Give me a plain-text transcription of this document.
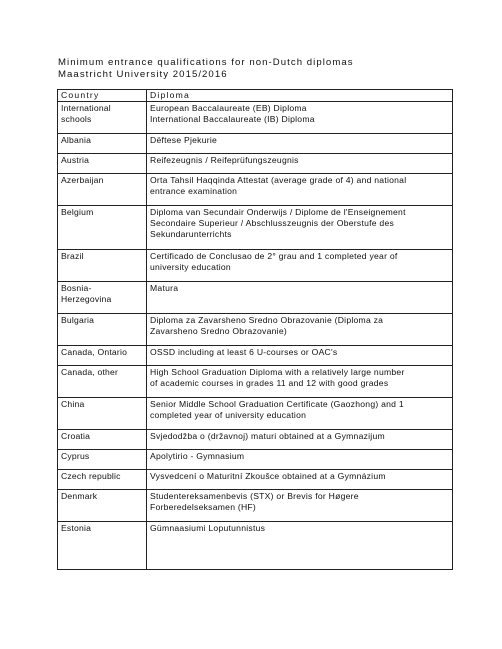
Minimum entrance qualifications for non-Dutch diplomas
Maastricht University 2015/2016
Country	Diploma

International
schools	European Baccalaureate (EB) Diploma
International Baccalaureate (IB) Diploma

Albania	Dëftese Pjekurie

Austria	Reifezeugnis / Reifeprüfungszeugnis

Azerbaijan	Orta Tahsil Haqqinda Attestat (average grade of 4) and national
entrance examination

Belgium	Diploma van Secundair Onderwijs / Diplome de l'Enseignement
Secondaire Superieur / Abschlusszeugnis der Oberstufe des
Sekundarunterrichts

Brazil	Certificado de Conclusao de 2° grau and 1 completed year of
university education

Bosnia-
Herzegovina	Matura

Bulgaria	Diploma za Zavarsheno Sredno Obrazovanie (Diploma za
Zavarsheno Sredno Obrazovanie)

Canada, Ontario	OSSD including at least 6 U-courses or OAC's

Canada, other	High School Graduation Diploma with a relatively large number
of academic courses in grades 11 and 12 with good grades

China	Senior Middle School Graduation Certificate (Gaozhong) and 1
completed year of university education

Croatia	Svjedodžba o (državnoj) maturi obtained at a Gymnazijum

Cyprus	Apolytirio - Gymnasium

Czech republic	Vysvedcení o Maturitní Zkoušce obtained at a Gymnázium

Denmark	Studentereksamenbevis (STX) or Brevis for Høgere
Forberedelseksamen (HF)

Estonia	Gümnaasiumi Loputunnistus
